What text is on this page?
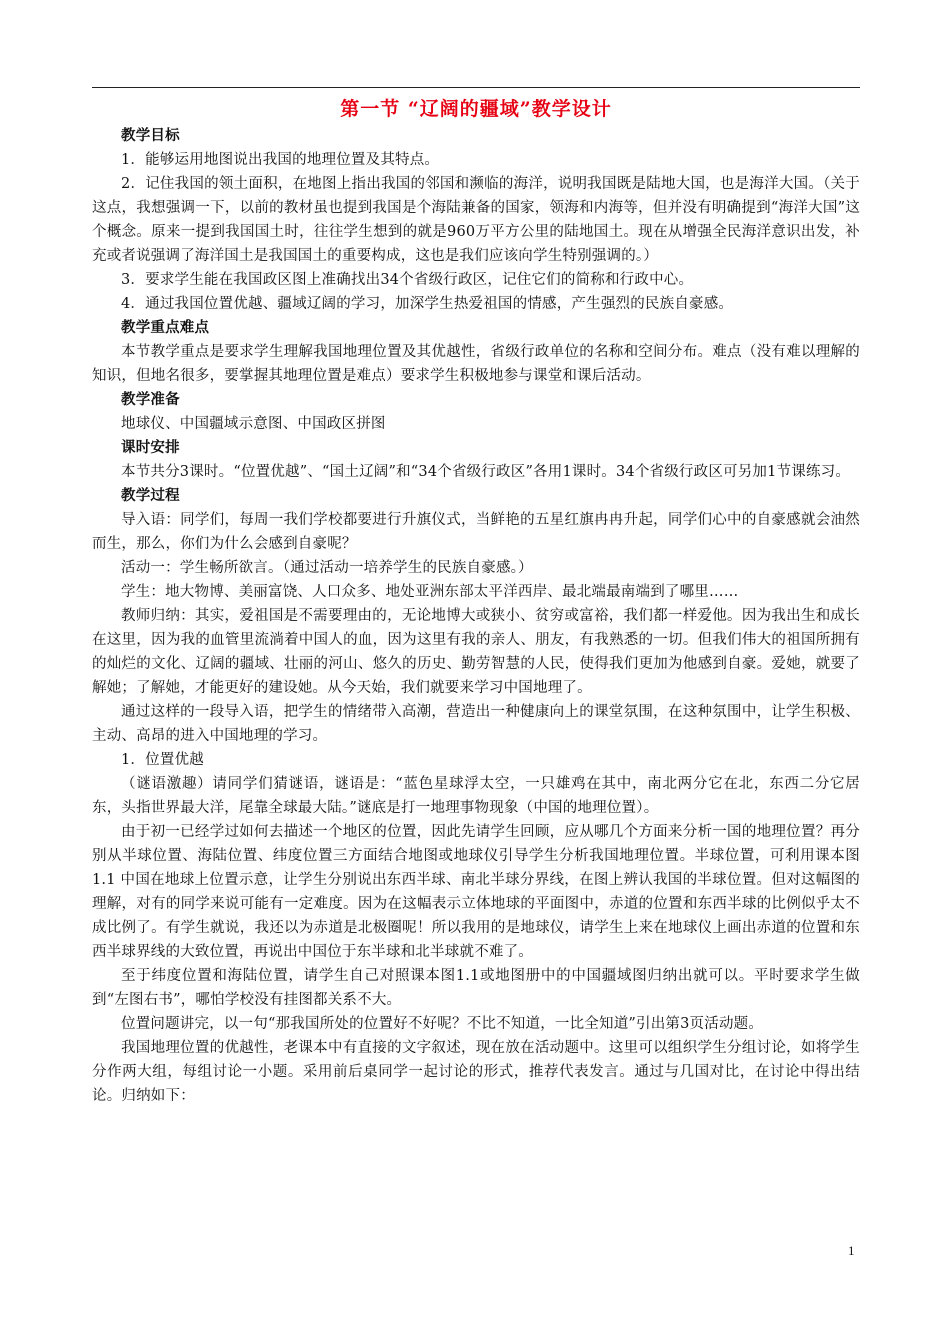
第一节 “辽阔的疆域”教学设计

教学目标

1．能够运用地图说出我国的地理位置及其特点。

2．记住我国的领土面积，在地图上指出我国的邻国和濒临的海洋，说明我国既是陆地大国，也是海洋大国。（关于这点，我想强调一下，以前的教材虽也提到我国是个海陆兼备的国家，领海和内海等，但并没有明确提到“海洋大国”这个概念。原来一提到我国国土时，往往学生想到的就是960万平方公里的陆地国土。现在从增强全民海洋意识出发，补充或者说强调了海洋国土是我国国土的重要构成，这也是我们应该向学生特别强调的。）

3．要求学生能在我国政区图上准确找出34个省级行政区，记住它们的简称和行政中心。

4．通过我国位置优越、疆域辽阔的学习，加深学生热爱祖国的情感，产生强烈的民族自豪感。

教学重点难点

本节教学重点是要求学生理解我国地理位置及其优越性，省级行政单位的名称和空间分布。难点（没有难以理解的知识，但地名很多，要掌握其地理位置是难点）要求学生积极地参与课堂和课后活动。

教学准备

地球仪、中国疆域示意图、中国政区拼图

课时安排

本节共分3课时。“位置优越”、“国土辽阔”和“34个省级行政区”各用1课时。34个省级行政区可另加1节课练习。

教学过程

导入语：同学们，每周一我们学校都要进行升旗仪式，当鲜艳的五星红旗冉冉升起，同学们心中的自豪感就会油然而生，那么，你们为什么会感到自豪呢？

活动一：学生畅所欲言。（通过活动一培养学生的民族自豪感。）

学生：地大物博、美丽富饶、人口众多、地处亚洲东部太平洋西岸、最北端最南端到了哪里……

教师归纳：其实，爱祖国是不需要理由的，无论地博大或狭小、贫穷或富裕，我们都一样爱他。因为我出生和成长在这里，因为我的血管里流淌着中国人的血，因为这里有我的亲人、朋友，有我熟悉的一切。但我们伟大的祖国所拥有的灿烂的文化、辽阔的疆域、壮丽的河山、悠久的历史、勤劳智慧的人民，使得我们更加为他感到自豪。爱她，就要了解她；了解她，才能更好的建设她。从今天始，我们就要来学习中国地理了。

通过这样的一段导入语，把学生的情绪带入高潮，营造出一种健康向上的课堂氛围，在这种氛围中，让学生积极、主动、高昂的进入中国地理的学习。

1．位置优越

（谜语激趣）请同学们猜谜语，谜语是：“蓝色星球浮太空，一只雄鸡在其中，南北两分它在北，东西二分它居东，头指世界最大洋，尾靠全球最大陆。”谜底是打一地理事物现象（中国的地理位置）。

由于初一已经学过如何去描述一个地区的位置，因此先请学生回顾，应从哪几个方面来分析一国的地理位置？再分别从半球位置、海陆位置、纬度位置三方面结合地图或地球仪引导学生分析我国地理位置。半球位置，可利用课本图1.1 中国在地球上位置示意，让学生分别说出东西半球、南北半球分界线，在图上辨认我国的半球位置。但对这幅图的理解，对有的同学来说可能有一定难度。因为在这幅表示立体地球的平面图中，赤道的位置和东西半球的比例似乎太不成比例了。有学生就说，我还以为赤道是北极圈呢！所以我用的是地球仪，请学生上来在地球仪上画出赤道的位置和东西半球界线的大致位置，再说出中国位于东半球和北半球就不难了。

至于纬度位置和海陆位置，请学生自己对照课本图1.1或地图册中的中国疆域图归纳出就可以。平时要求学生做到“左图右书”，哪怕学校没有挂图都关系不大。

位置问题讲完，以一句“那我国所处的位置好不好呢？不比不知道，一比全知道”引出第3页活动题。

我国地理位置的优越性，老课本中有直接的文字叙述，现在放在活动题中。这里可以组织学生分组讨论，如将学生分作两大组，每组讨论一小题。采用前后桌同学一起讨论的形式，推荐代表发言。通过与几国对比，在讨论中得出结论。归纳如下：

1
